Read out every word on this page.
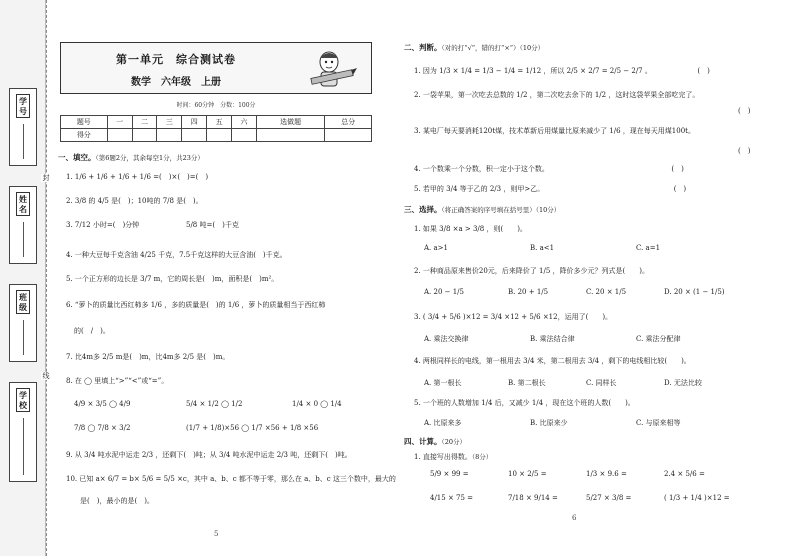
学号
姓名
班级
学校
封
线
第一单元　综合测试卷
数学　六年级　上册
时间：60分钟　分数：100分
题号	一	二	三	四	五	六	选做题	总分
得分								
一、填空。（第6题2分，其余每空1分，共23分）
1. 1/6 + 1/6 + 1/6 + 1/6 =(　)×(　)=(　)
2. 3/8 的 4/5 是(　)；10吨的 7/8 是(　)。
3. 7/12 小时=(　)分钟	5/8 吨=(　)千克
4. 一种大豆每千克含油 4/25 千克，7.5千克这样的大豆含油(　)千克。
5. 一个正方形的边长是 3/7 m，它的周长是(　)m，面积是(　)m²。
6. “萝卜的质量比西红柿多 1/6 ，多的质量是(　)的 1/6 ，萝卜的质量相当于西红柿
的(　/　)。
7. 比4m多 2/5 m是(　)m，比4m多 2/5 是(　)m。
8. 在 ◯ 里填上“>”“<”或“=”。
4/9 × 3/5 ◯ 4/9	5/4 × 1/2 ◯ 1/2	1/4 × 0 ◯ 1/4
7/8 ◯ 7/8 × 3/2	(1/7 + 1/8)×56 ◯ 1/7 ×56 + 1/8 ×56
9. 从 3/4 吨水泥中运走 2/3 ，还剩下(　)吨；从 3/4 吨水泥中运走 2/3 吨，还剩下(　)吨。
10. 已知 a× 6/7 = b× 5/6 = 5/5 ×c，其中 a、b、c 都不等于零，那么在 a、b、c 这三个数中，最大的
是(　)，最小的是(　)。
5
二、判断。（对的打“√”，错的打“×”）（10分）
1. 因为 1/3 × 1/4 = 1/3 − 1/4 = 1/12 ，所以 2/5 × 2/7 = 2/5 − 2/7 。　　　　　　　(　)
2. 一袋苹果，第一次吃去总数的 1/2 ，第二次吃去余下的 1/2 ，这时这袋苹果全部吃完了。
(　)
3. 某电厂每天要消耗120t煤，技术革新后用煤量比原来减少了 1/6 ，现在每天用煤100t。
(　)
4. 一个数乘一个分数，积一定小于这个数。　　　　　　　　　　　　　　　　　　(　)
5. 若甲的 3/4 等于乙的 2/3 ，则甲>乙。　　　　　　　　　　　　　　　　　　　(　)
三、选择。（将正确答案的序号填在括号里）（10分）
1. 如果 3/8 ×a > 3/8 ，则(　　)。
A. a>1	B. a<1	C. a=1
2. 一种商品原来售价20元，后来降价了 1/5 ，降价多少元？列式是(　　)。
A. 20 − 1/5	B. 20 + 1/5	C. 20 × 1/5	D. 20 × (1 − 1/5)
3. ( 3/4 + 5/6 )×12 = 3/4 ×12 + 5/6 ×12，运用了(　　)。
A. 乘法交换律	B. 乘法结合律	C. 乘法分配律
4. 两根同样长的电线，第一根用去 3/4 米，第二根用去 3/4 ，剩下的电线相比较(　　)。
A. 第一根长	B. 第二根长	C. 同样长	D. 无法比较
5. 一个班的人数增加 1/4 后，又减少 1/4 ，现在这个班的人数(　　)。
A. 比原来多	B. 比原来少	C. 与原来相等
四、计算。（20分）
1. 直接写出得数。（8分）
5/9 × 99 =	10 × 2/5 =	1/3 × 9.6 =	2.4 × 5/6 =
4/15 × 75 =	7/18 × 9/14 =	5/27 × 3/8 =	( 1/3 + 1/4 )×12 =
6
